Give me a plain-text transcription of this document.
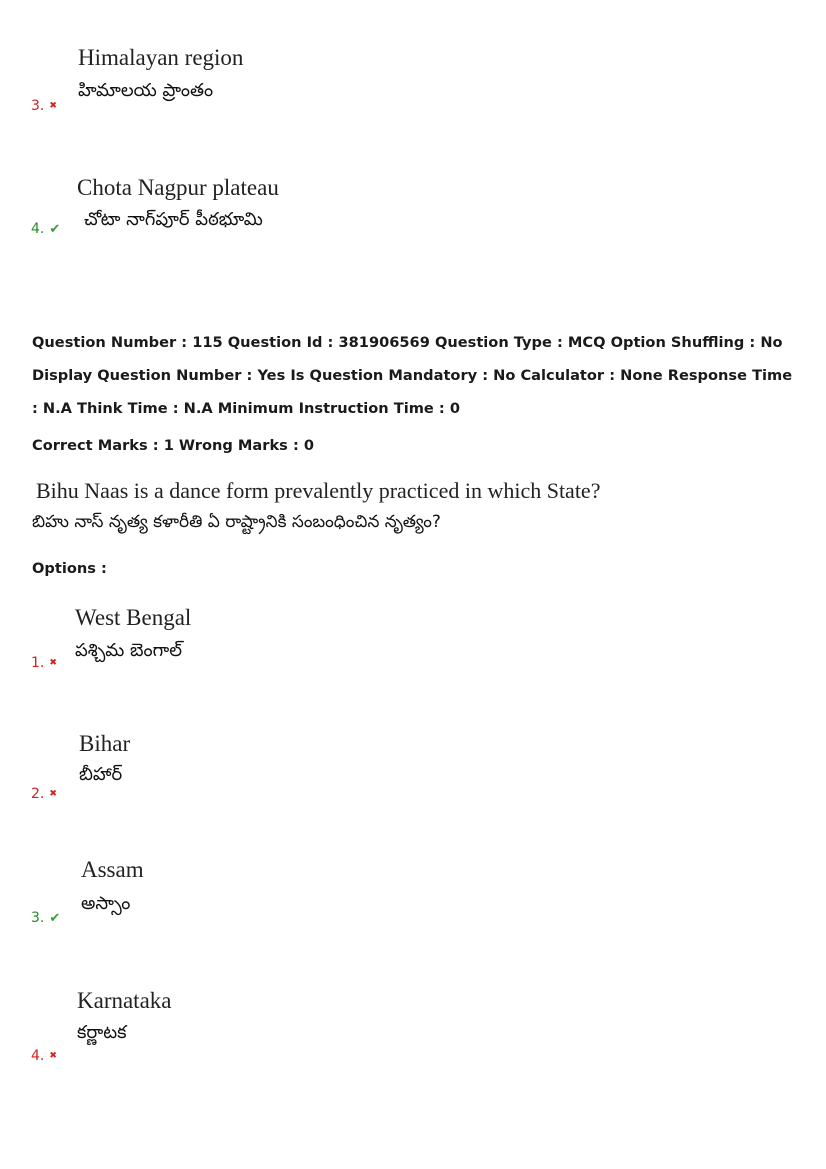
Himalayan region
హిమాలయ ప్రాంతం
3. ✖
Chota Nagpur plateau
చోటా నాగ్‌పూర్ పీఠభూమి
4. ✔
Question Number : 115 Question Id : 381906569 Question Type : MCQ Option Shuffling : No Display Question Number : Yes Is Question Mandatory : No Calculator : None Response Time : N.A Think Time : N.A Minimum Instruction Time : 0
Correct Marks : 1 Wrong Marks : 0
Bihu Naas is a dance form prevalently practiced in which State?
బిహు నాస్ నృత్య కళారీతి ఏ రాష్ట్రానికి సంబంధించిన నృత్యం?
Options :
West Bengal
పశ్చిమ బెంగాల్
1. ✖
Bihar
బీహార్
2. ✖
Assam
అస్సాం
3. ✔
Karnataka
కర్ణాటక
4. ✖
